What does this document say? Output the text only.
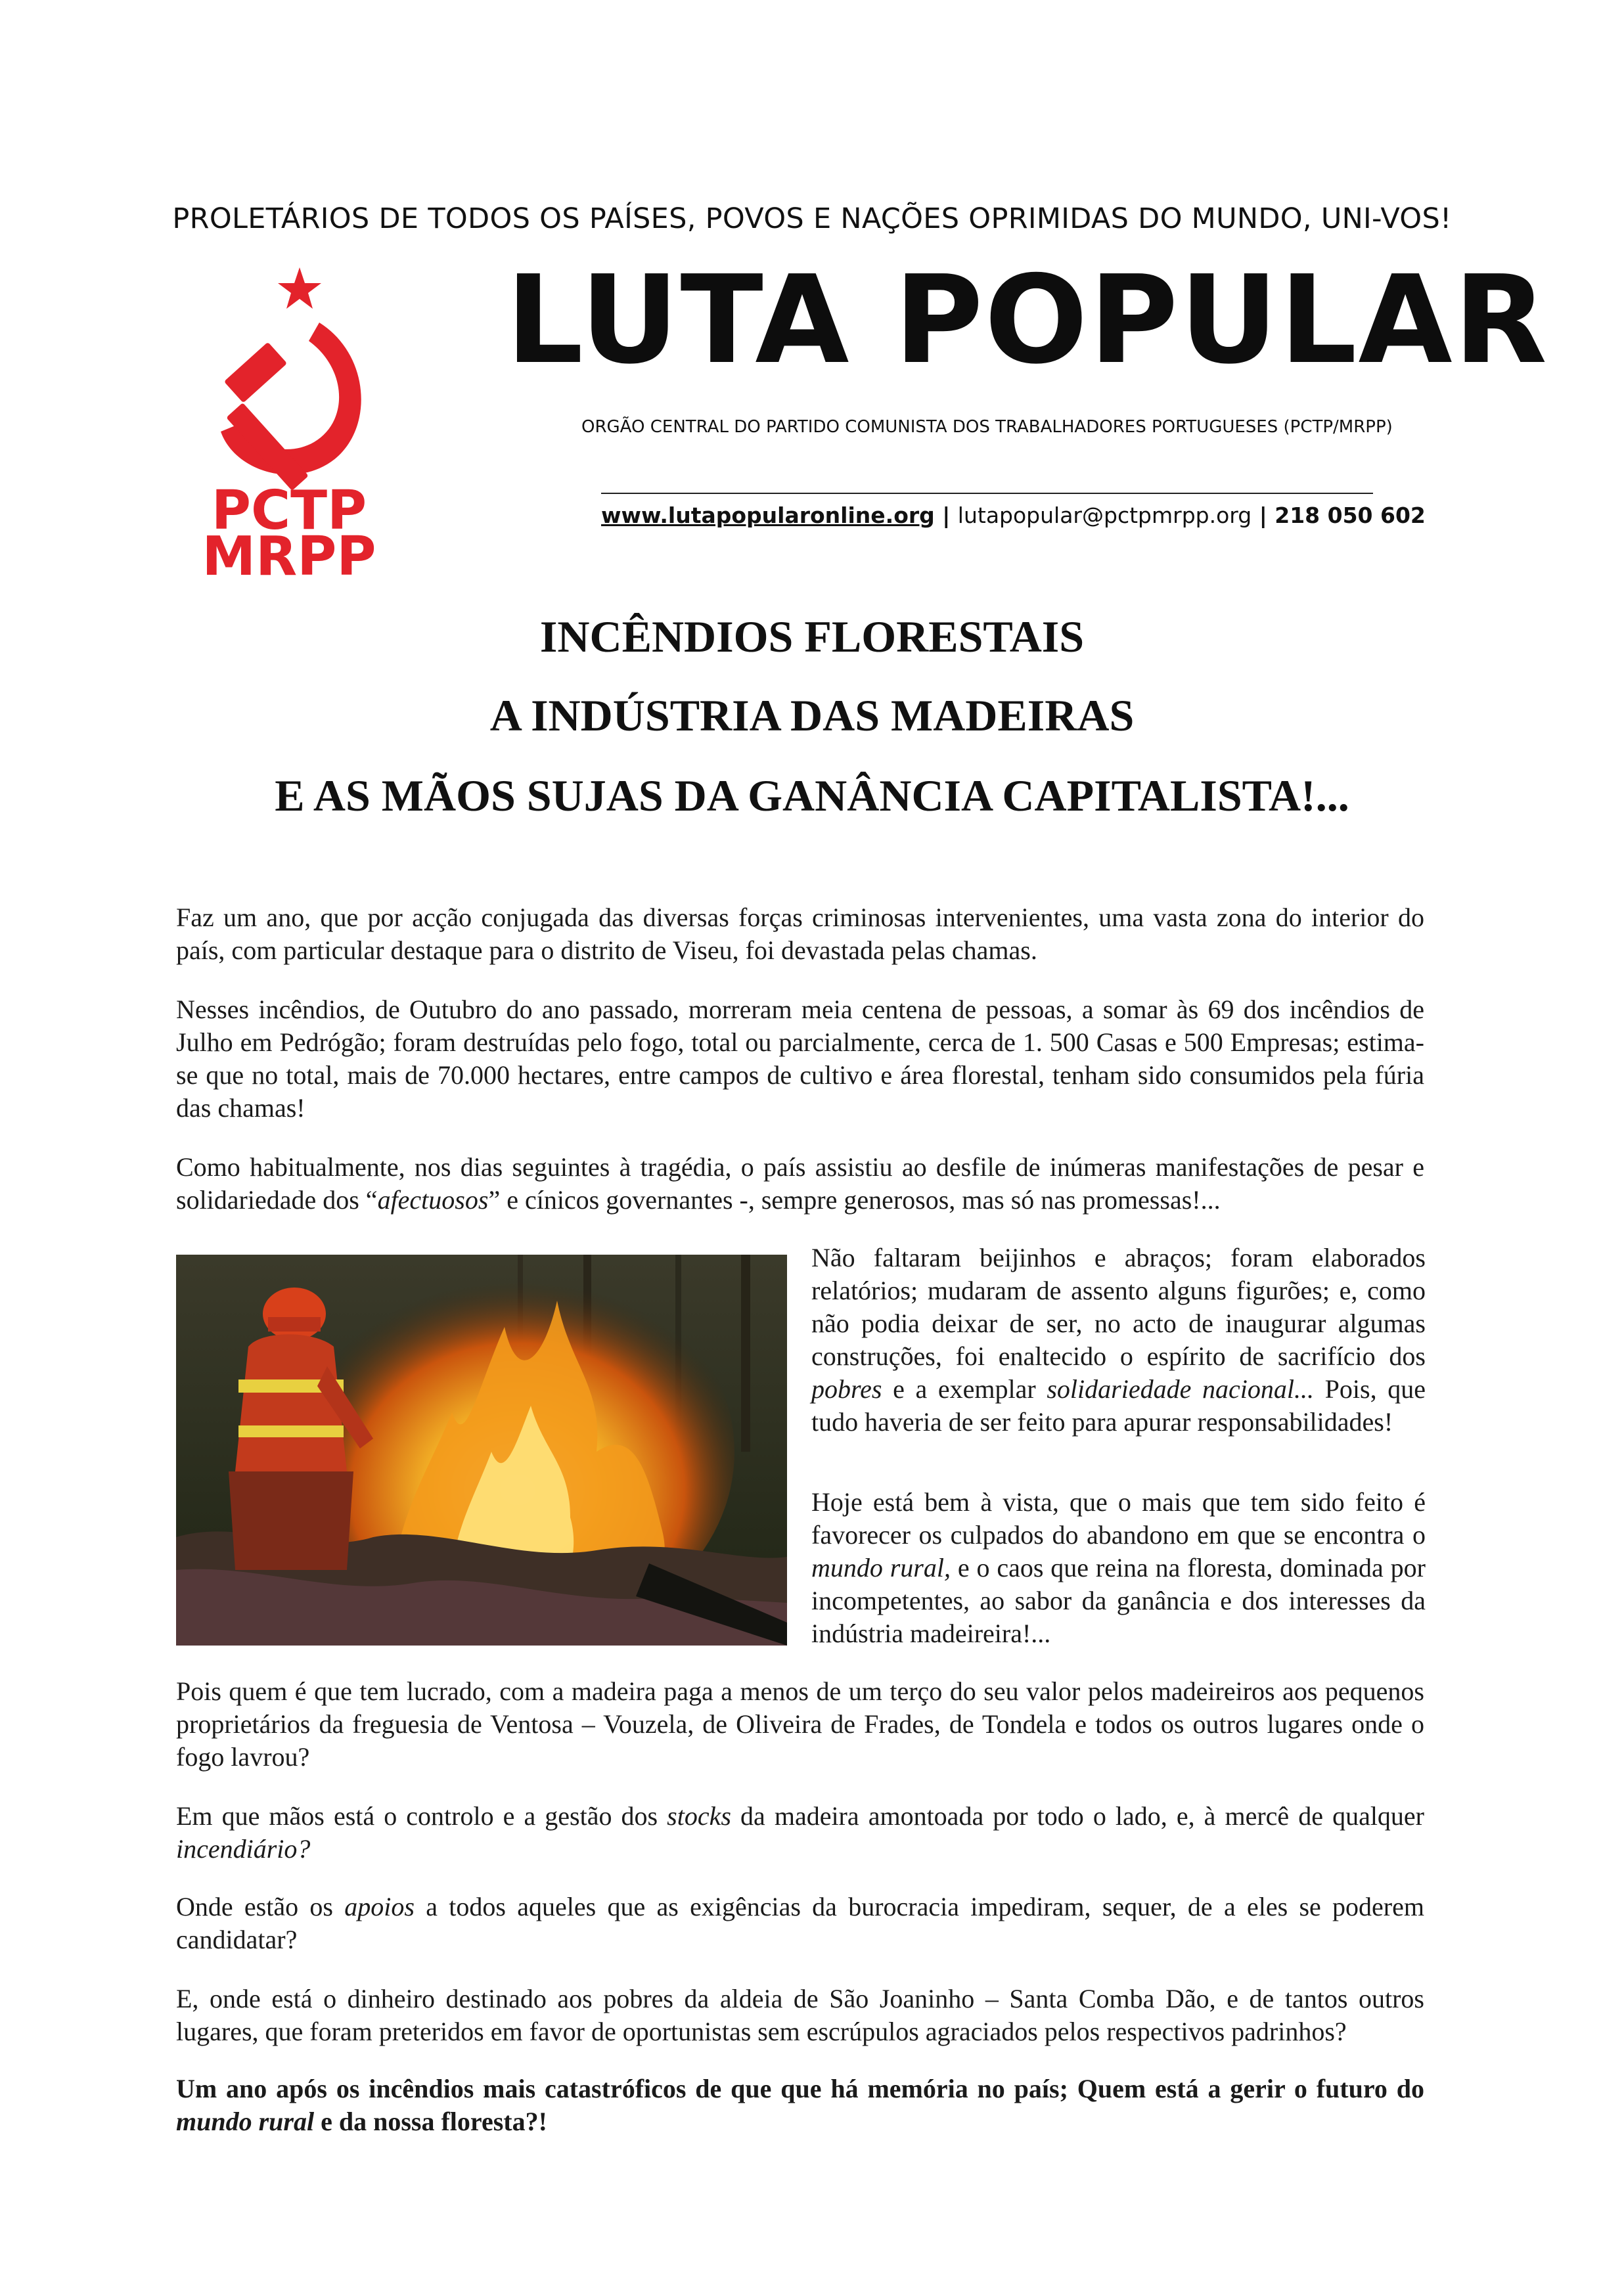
PROLETÁRIOS DE TODOS OS PAÍSES, POVOS E NAÇÕES OPRIMIDAS DO MUNDO, UNI-VOS!
PCTP
MRPP
LUTA POPULAR
ORGÃO CENTRAL DO PARTIDO COMUNISTA DOS TRABALHADORES PORTUGUESES (PCTP/MRPP)
www.lutapopularonline.org | lutapopular@pctpmrpp.org | 218 050 602
INCÊNDIOS FLORESTAIS
A INDÚSTRIA DAS MADEIRAS
E AS MÃOS SUJAS DA GANÂNCIA CAPITALISTA!...
Faz um ano, que por acção conjugada das diversas forças criminosas intervenientes, uma vasta zona do interior do país, com particular destaque para o distrito de Viseu, foi devastada pelas chamas.
Nesses incêndios, de Outubro do ano passado, morreram meia centena de pessoas, a somar às 69 dos incêndios de Julho em Pedrógão; foram destruídas pelo fogo, total ou parcialmente, cerca de 1. 500 Casas e 500 Empresas; estima-se que no total, mais de 70.000 hectares, entre campos de cultivo e área florestal, tenham sido consumidos pela fúria das chamas!
Como habitualmente, nos dias seguintes à tragédia, o país assistiu ao desfile de inúmeras manifestações de pesar e solidariedade dos “afectuosos” e cínicos governantes -, sempre generosos, mas só nas promessas!...
Não faltaram beijinhos e abraços; foram elaborados relatórios; mudaram de assento alguns figurões; e, como não podia deixar de ser, no acto de inaugurar algumas construções, foi enaltecido o espírito de sacrifício dos pobres e a exemplar solidariedade nacional... Pois, que tudo haveria de ser feito para apurar responsabilidades!
Hoje está bem à vista, que o mais que tem sido feito é favorecer os culpados do abandono em que se encontra o mundo rural, e o caos que reina na floresta, dominada por incompetentes, ao sabor da ganância e dos interesses da indústria madeireira!...
Pois quem é que tem lucrado, com a madeira paga a menos de um terço do seu valor pelos madeireiros aos pequenos proprietários da freguesia de Ventosa – Vouzela, de Oliveira de Frades, de Tondela e todos os outros lugares onde o fogo lavrou?
Em que mãos está o controlo e a gestão dos stocks da madeira amontoada por todo o lado, e, à mercê de qualquer incendiário?
Onde estão os apoios a todos aqueles que as exigências da burocracia impediram, sequer, de a eles se poderem candidatar?
E, onde está o dinheiro destinado aos pobres da aldeia de São Joaninho – Santa Comba Dão, e de tantos outros lugares, que foram preteridos em favor de oportunistas sem escrúpulos agraciados pelos respectivos padrinhos?
Um ano após os incêndios mais catastróficos de que que há memória no país; Quem está a gerir o futuro do mundo rural e da nossa floresta?!
